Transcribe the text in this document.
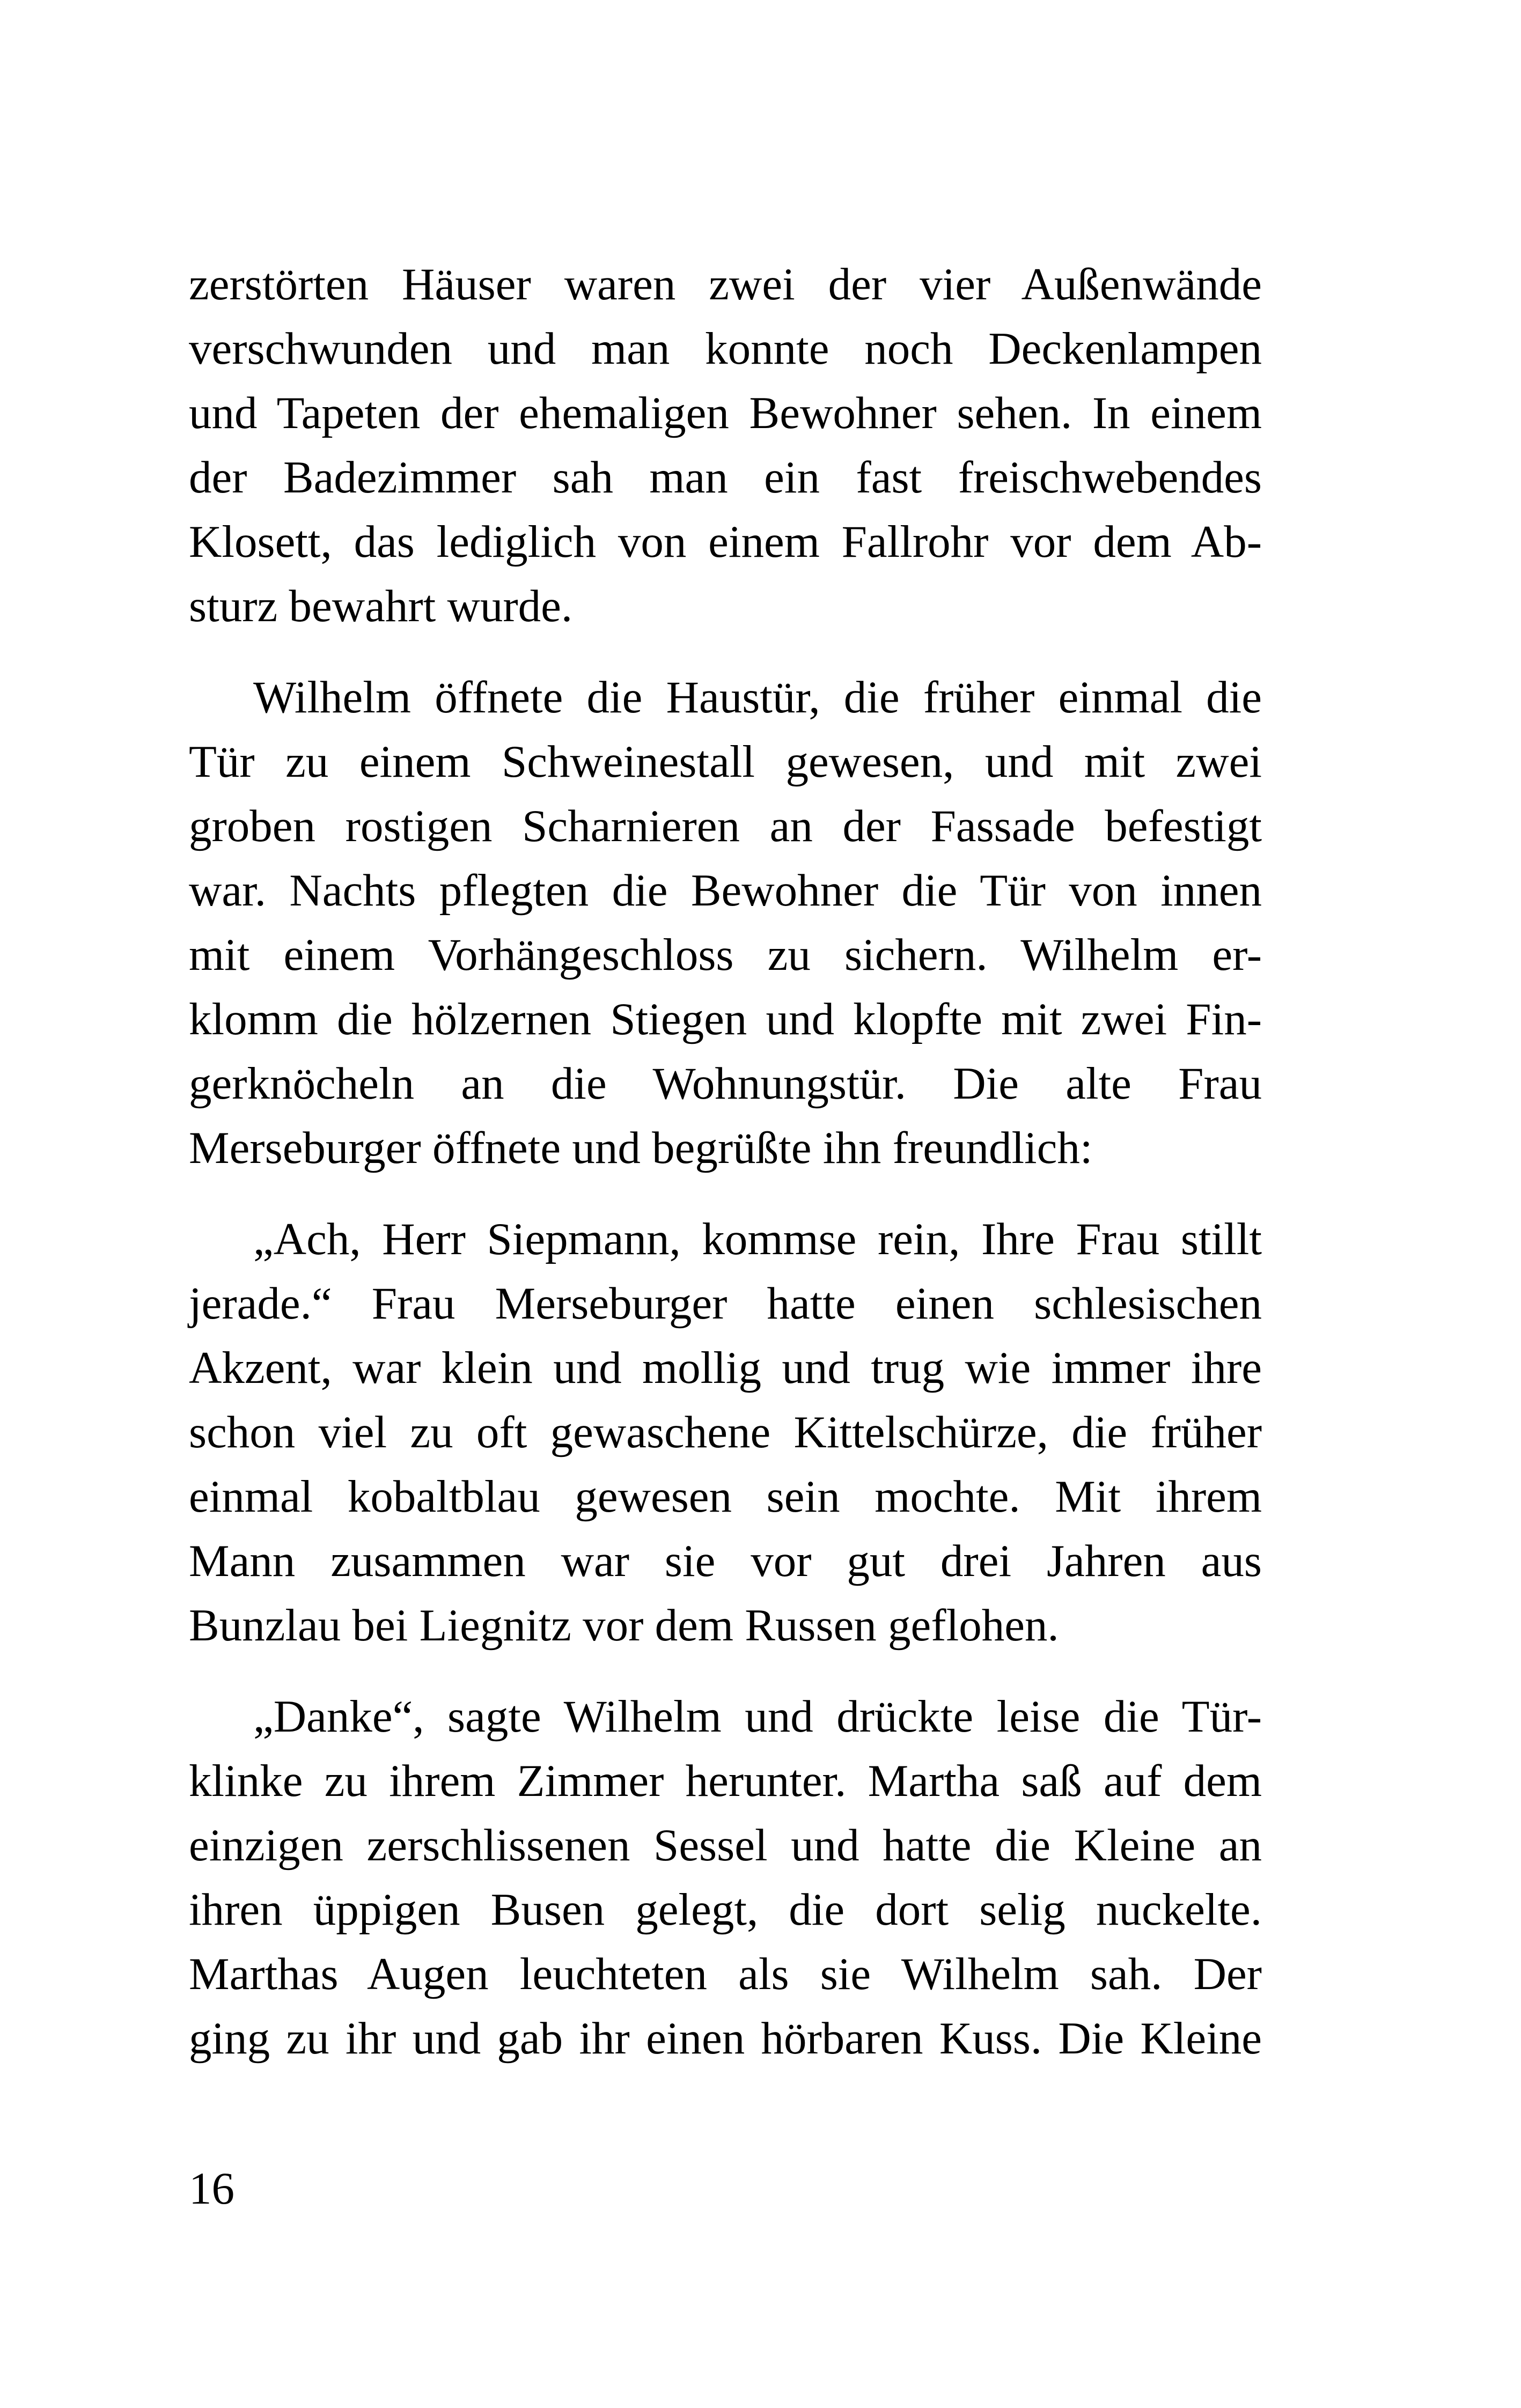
zerstörten Häuser waren zwei der vier Außenwände
verschwunden und man konnte noch Deckenlampen
und Tapeten der ehemaligen Bewohner sehen. In einem
der Badezimmer sah man ein fast freischwebendes
Klosett, das lediglich von einem Fallrohr vor dem Ab-
sturz bewahrt wurde.
Wilhelm öffnete die Haustür, die früher einmal die
Tür zu einem Schweinestall gewesen, und mit zwei
groben rostigen Scharnieren an der Fassade befestigt
war. Nachts pflegten die Bewohner die Tür von innen
mit einem Vorhängeschloss zu sichern. Wilhelm er-
klomm die hölzernen Stiegen und klopfte mit zwei Fin-
gerknöcheln an die Wohnungstür. Die alte Frau
Merseburger öffnete und begrüßte ihn freundlich:
„Ach, Herr Siepmann, kommse rein, Ihre Frau stillt
jerade.“ Frau Merseburger hatte einen schlesischen
Akzent, war klein und mollig und trug wie immer ihre
schon viel zu oft gewaschene Kittelschürze, die früher
einmal kobaltblau gewesen sein mochte. Mit ihrem
Mann zusammen war sie vor gut drei Jahren aus
Bunzlau bei Liegnitz vor dem Russen geflohen.
„Danke“, sagte Wilhelm und drückte leise die Tür-
klinke zu ihrem Zimmer herunter. Martha saß auf dem
einzigen zerschlissenen Sessel und hatte die Kleine an
ihren üppigen Busen gelegt, die dort selig nuckelte.
Marthas Augen leuchteten als sie Wilhelm sah. Der
ging zu ihr und gab ihr einen hörbaren Kuss. Die Kleine
16
